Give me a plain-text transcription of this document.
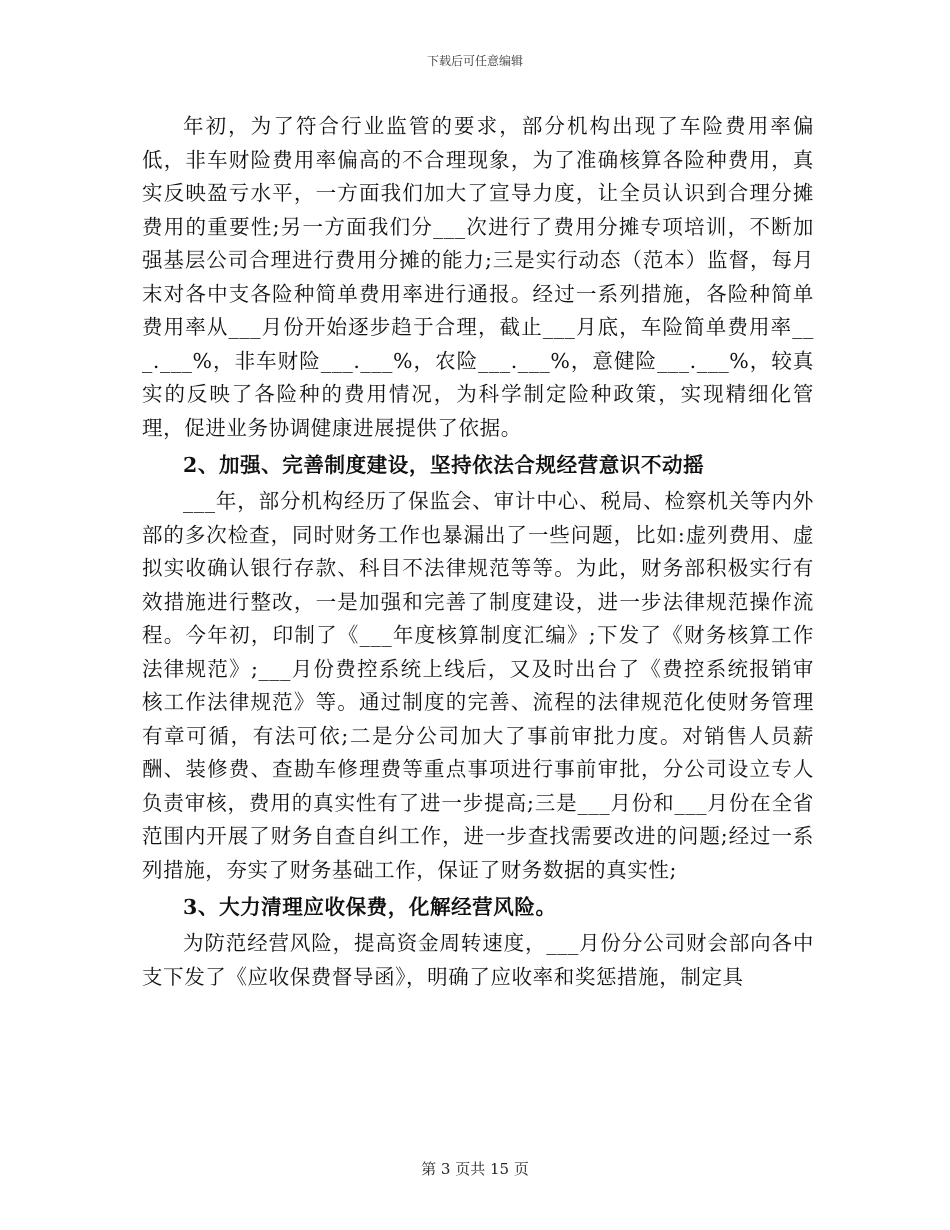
下载后可任意编辑

年初，为了符合行业监管的要求，部分机构出现了车险费用率偏低，非车财险费用率偏高的不合理现象，为了准确核算各险种费用，真实反映盈亏水平，一方面我们加大了宣导力度，让全员认识到合理分摊费用的重要性;另一方面我们分___次进行了费用分摊专项培训，不断加强基层公司合理进行费用分摊的能力;三是实行动态（范本）监督，每月末对各中支各险种简单费用率进行通报。经过一系列措施，各险种简单费用率从___月份开始逐步趋于合理，截止___月底，车险简单费用率___.___%，非车财险___.___%，农险___.___%，意健险___.___%，较真实的反映了各险种的费用情况，为科学制定险种政策，实现精细化管理，促进业务协调健康进展提供了依据。

2、加强、完善制度建设，坚持依法合规经营意识不动摇

___年，部分机构经历了保监会、审计中心、税局、检察机关等内外部的多次检查，同时财务工作也暴漏出了一些问题，比如:虚列费用、虚拟实收确认银行存款、科目不法律规范等等。为此，财务部积极实行有效措施进行整改，一是加强和完善了制度建设，进一步法律规范操作流程。今年初，印制了《___年度核算制度汇编》;下发了《财务核算工作法律规范》;___月份费控系统上线后，又及时出台了《费控系统报销审核工作法律规范》等。通过制度的完善、流程的法律规范化使财务管理有章可循，有法可依;二是分公司加大了事前审批力度。对销售人员薪酬、装修费、查勘车修理费等重点事项进行事前审批，分公司设立专人负责审核，费用的真实性有了进一步提高;三是___月份和___月份在全省范围内开展了财务自查自纠工作，进一步查找需要改进的问题;经过一系列措施，夯实了财务基础工作，保证了财务数据的真实性;

3、大力清理应收保费，化解经营风险。

为防范经营风险，提高资金周转速度，___月份分公司财会部向各中支下发了《应收保费督导函》，明确了应收率和奖惩措施，制定具

第 3 页共 15 页
